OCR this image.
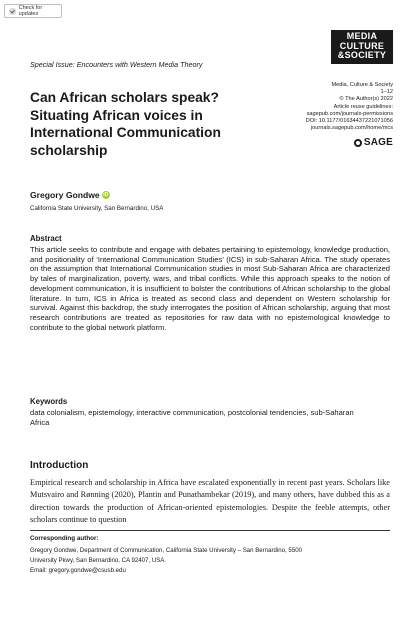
Check for updates
Special Issue: Encounters with Western Media Theory
MEDIA
CULTURE
&SOCIETY
Media, Culture & Society
1–12
© The Author(s) 2022
Article reuse guidelines:
sagepub.com/journals-permissions
DOI: 10.1177/01634437221071056
journals.sagepub.com/home/mcs
SAGE
Can African scholars speak? Situating African voices in International Communication scholarship
Gregory Gondwe iD
California State University, San Bernardino, USA
Abstract
This article seeks to contribute and engage with debates pertaining to epistemology, knowledge production, and positionality of ‘International Communication Studies’ (ICS) in sub-Saharan Africa. The study operates on the assumption that International Communication studies in most Sub-Saharan Africa are characterized by tales of marginalization, poverty, wars, and tribal conflicts. While this approach speaks to the notion of development communication, it is insufficient to bolster the contributions of African scholarship to the global literature. In turn, ICS in Africa is treated as second class and dependent on Western scholarship for survival. Against this backdrop, the study interrogates the position of African scholarship, arguing that most research contributions are treated as repositories for raw data with no epistemological knowledge to contribute to the global network platform.
Keywords
data colonialism, epistemology, interactive communication, postcolonial tendencies, sub-Saharan Africa
Introduction
Empirical research and scholarship in Africa have escalated exponentially in recent past years. Scholars like Mutsvairo and Rønning (2020), Plantin and Punathambekar (2019), and many others, have dubbed this as a direction towards the production of African-oriented epistemologies. Despite the feeble attempts, other scholars continue to question
Corresponding author:
Gregory Gondwe, Department of Communication, California State University – San Bernardino, 5500
University Pkwy, San Bernardino, CA 92407, USA.
Email: gregory.gondwe@csusb.edu
